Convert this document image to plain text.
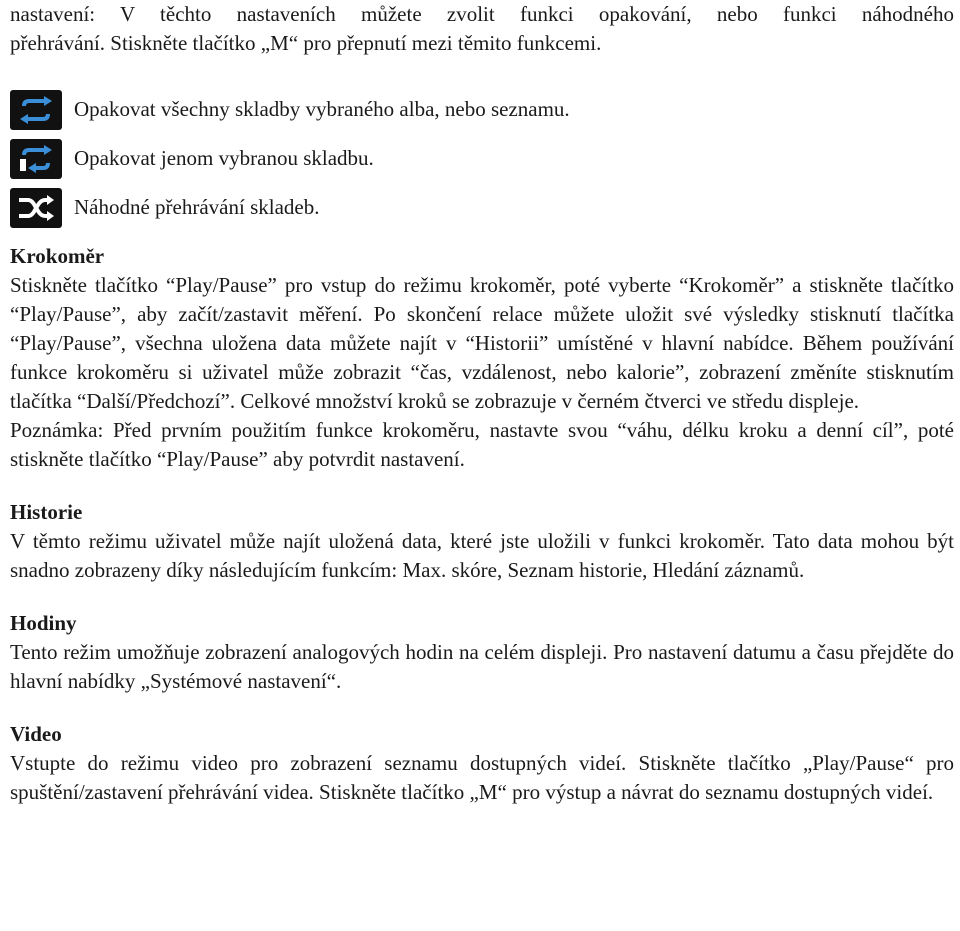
nastavení: V těchto nastaveních můžete zvolit funkci opakování, nebo funkci náhodného

přehrávání. Stiskněte tlačítko „M“ pro přepnutí mezi těmito funkcemi.

Opakovat všechny skladby vybraného alba, nebo seznamu.
Opakovat jenom vybranou skladbu.
Náhodné přehrávání skladeb.
Krokoměr

Stiskněte tlačítko “Play/Pause” pro vstup do režimu krokoměr, poté vyberte “Krokoměr” a stiskněte tlačítko “Play/Pause”, aby začít/zastavit měření. Po skončení relace můžete uložit své výsledky stisknutí tlačítka “Play/Pause”, všechna uložena data můžete najít v “Historii” umístěné v hlavní nabídce. Během používání funkce krokoměru si uživatel může zobrazit “čas, vzdálenost, nebo kalorie”, zobrazení změníte stisknutím tlačítka “Další/Předchozí”. Celkové množství kroků se zobrazuje v černém čtverci ve středu displeje.

Poznámka: Před prvním použitím funkce krokoměru, nastavte svou “váhu, délku kroku a denní cíl”, poté stiskněte tlačítko “Play/Pause” aby potvrdit nastavení.

Historie

V těmto režimu uživatel může najít uložená data, které jste uložili v funkci krokoměr. Tato data mohou být snadno zobrazeny díky následujícím funkcím: Max. skóre, Seznam historie, Hledání záznamů.

Hodiny

Tento režim umožňuje zobrazení analogových hodin na celém displeji. Pro nastavení datumu a času přejděte do hlavní nabídky „Systémové nastavení“.

Video

Vstupte do režimu video pro zobrazení seznamu dostupných videí. Stiskněte tlačítko „Play/Pause“ pro spuštění/zastavení přehrávání videa. Stiskněte tlačítko „M“ pro výstup a návrat do seznamu dostupných videí.
